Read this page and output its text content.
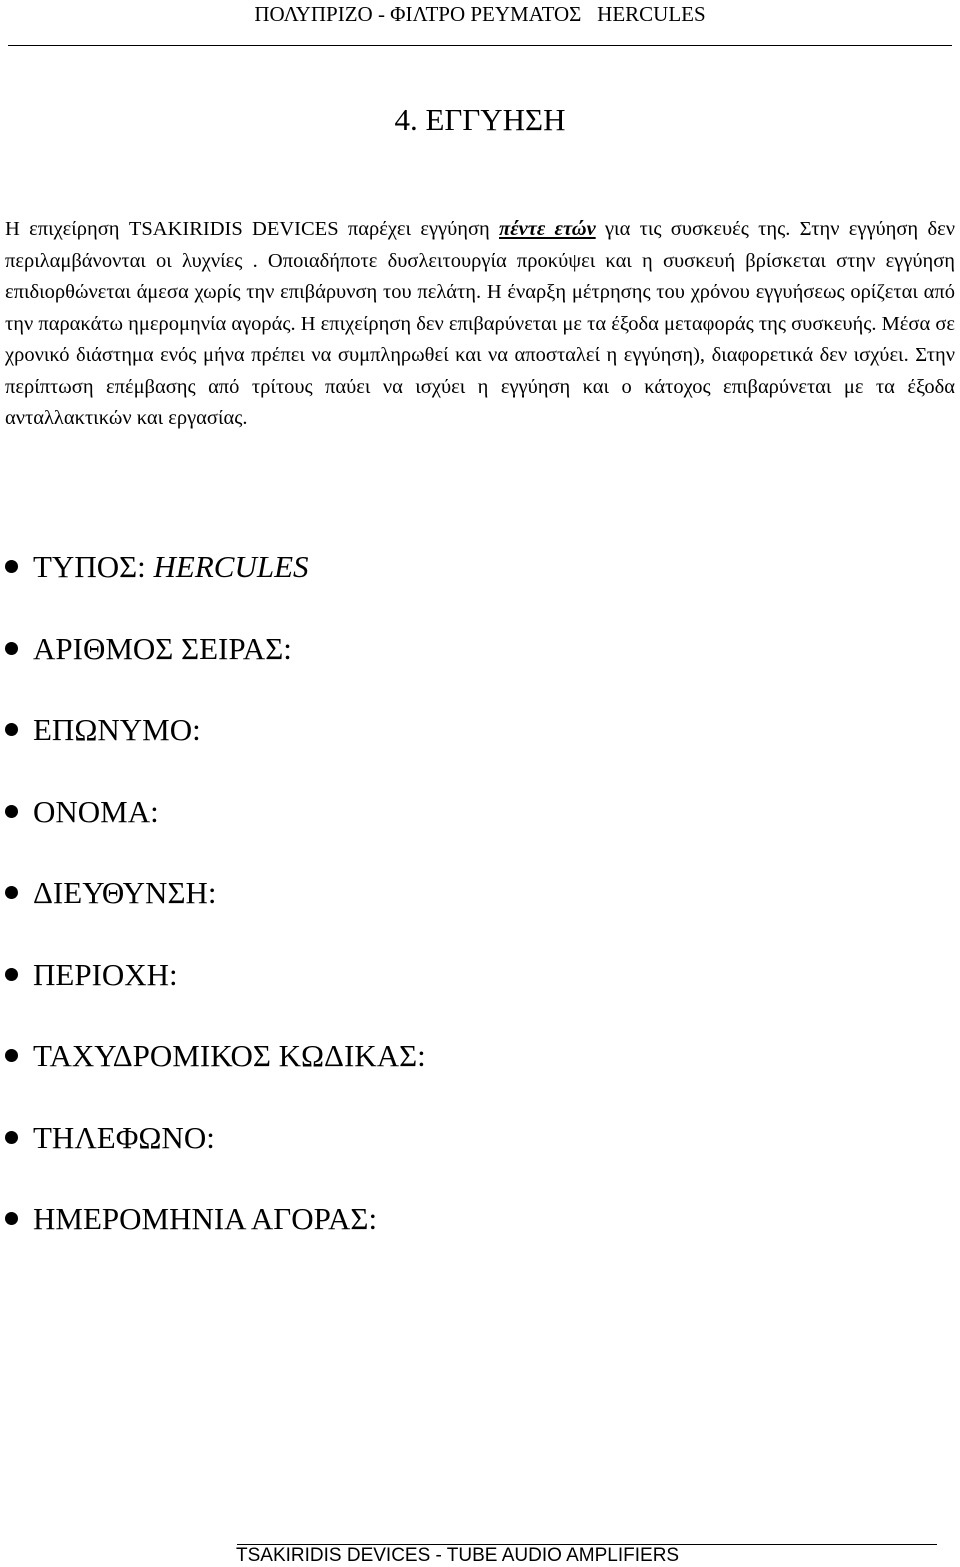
ΠΟΛΥΠΡΙΖΟ - ΦΙΛΤΡΟ ΡΕΥΜΑΤΟΣ   HERCULES
4. ΕΓΓΥΗΣΗ

Η επιχείρηση TSAKIRIDIS DEVICES παρέχει εγγύηση πέντε ετών για τις συσκευές της. Στην εγγύηση δεν περιλαμβάνονται οι λυχνίες . Οποιαδήποτε δυσλειτουργία προκύψει και η συσκευή βρίσκεται στην εγγύηση επιδιορθώνεται άμεσα χωρίς την επιβάρυνση του πελάτη. Η έναρξη μέτρησης του χρόνου εγγυήσεως ορίζεται από την παρακάτω ημερομηνία αγοράς. Η επιχείρηση δεν επιβαρύνεται με τα έξοδα μεταφοράς της συσκευής. Μέσα σε χρονικό διάστημα ενός μήνα πρέπει να συμπληρωθεί και να αποσταλεί η εγγύηση), διαφορετικά δεν ισχύει. Στην περίπτωση επέμβασης από τρίτους παύει να ισχύει η εγγύηση και ο κάτοχος επιβαρύνεται με τα έξοδα ανταλλακτικών και εργασίας.

ΤΥΠΟΣ: HERCULES
ΑΡΙΘΜΟΣ ΣΕΙΡΑΣ:
ΕΠΩΝΥΜΟ:
ΟΝΟΜΑ:
ΔΙΕΥΘΥΝΣΗ:
ΠΕΡΙΟΧΗ:
ΤΑΧΥΔΡΟΜΙΚΟΣ ΚΩΔΙΚΑΣ:
ΤΗΛΕΦΩΝΟ:
ΗΜΕΡΟΜΗΝΙΑ ΑΓΟΡΑΣ:
TSAKIRIDIS DEVICES - TUBE AUDIO AMPLIFIERS
